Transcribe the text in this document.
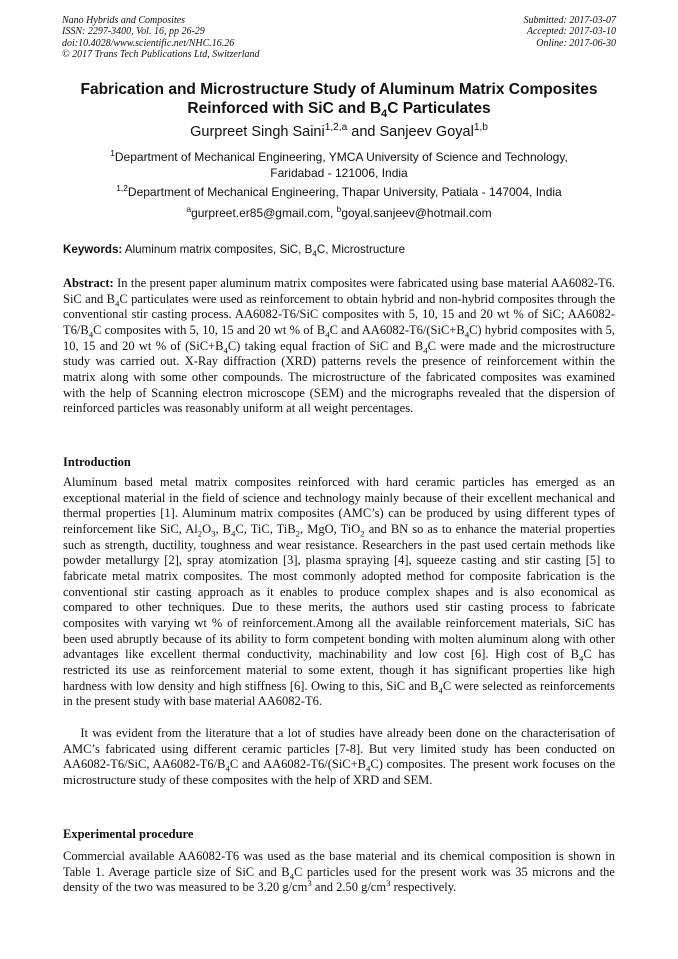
Nano Hybrids and Composites
ISSN: 2297-3400, Vol. 16, pp 26-29
doi:10.4028/www.scientific.net/NHC.16.26
© 2017 Trans Tech Publications Ltd, Switzerland
Submitted: 2017-03-07
Accepted: 2017-03-10
Online: 2017-06-30
Fabrication and Microstructure Study of Aluminum Matrix Composites
Reinforced with SiC and $B_4C$ Particulates
Gurpreet Singh Saini$^{1,2,a}$ and Sanjeev Goyal$^{1,b}$
$^1$Department of Mechanical Engineering, YMCA University of Science and Technology,
Faridabad - 121006, India
$^{1,2}$Department of Mechanical Engineering, Thapar University, Patiala - 147004, India
$^a$gurpreet.er85@gmail.com, $^b$goyal.sanjeev@hotmail.com
Keywords: Aluminum matrix composites, SiC, $B_4C$, Microstructure
Abstract: In the present paper aluminum matrix composites were fabricated using base material AA6082-T6. SiC and $B_4C$ particulates were used as reinforcement to obtain hybrid and non-hybrid composites through the conventional stir casting process. AA6082-T6/SiC composites with 5, 10, 15 and 20 wt % of SiC; $AA6082-T6/B_4C$ composites with 5, 10, 15 and 20 wt % of $B_4C$ and $AA6082-T6/(SiC+B_4C)$ hybrid composites with 5, 10, 15 and 20 wt % of $(SiC+B_4C)$ taking equal fraction of SiC and $B_4C$ were made and the microstructure study was carried out. X-Ray diffraction (XRD) patterns revels the presence of reinforcement within the matrix along with some other compounds. The microstructure of the fabricated composites was examined with the help of Scanning electron microscope (SEM) and the micrographs revealed that the dispersion of reinforced particles was reasonably uniform at all weight percentages.
Introduction
Aluminum based metal matrix composites reinforced with hard ceramic particles has emerged as an exceptional material in the field of science and technology mainly because of their excellent mechanical and thermal properties [1]. Aluminum matrix composites (AMC’s) can be produced by using different types of reinforcement like SiC, $Al_2O_3$, $B_4C$, TiC, TiB$_2$, MgO, TiO$_2$ and BN so as to enhance the material properties such as strength, ductility, toughness and wear resistance. Researchers in the past used certain methods like powder metallurgy [2], spray atomization [3], plasma spraying [4], squeeze casting and stir casting [5] to fabricate metal matrix composites. The most commonly adopted method for composite fabrication is the conventional stir casting approach as it enables to produce complex shapes and is also economical as compared to other techniques. Due to these merits, the authors used stir casting process to fabricate composites with varying wt % of reinforcement.Among all the available reinforcement materials, SiC has been used abruptly because of its ability to form competent bonding with molten aluminum along with other advantages like excellent thermal conductivity, machinability and low cost [6]. High cost of $B_4C$ has restricted its use as reinforcement material to some extent, though it has significant properties like high hardness with low density and high stiffness [6]. Owing to this, SiC and $B_4C$ were selected as reinforcements in the present study with base material AA6082-T6.
It was evident from the literature that a lot of studies have already been done on the characterisation of AMC’s fabricated using different ceramic particles [7-8]. But very limited study has been conducted on AA6082-T6/SiC, $AA6082-T6/B_4C$ and $AA6082-T6/(SiC+B_4C)$ composites. The present work focuses on the microstructure study of these composites with the help of XRD and SEM.
Experimental procedure
Commercial available AA6082-T6 was used as the base material and its chemical composition is shown in Table 1. Average particle size of SiC and $B_4C$ particles used for the present work was 35 microns and the density of the two was measured to be 3.20 $g/cm^3$ and 2.50 $g/cm^3$ respectively.
